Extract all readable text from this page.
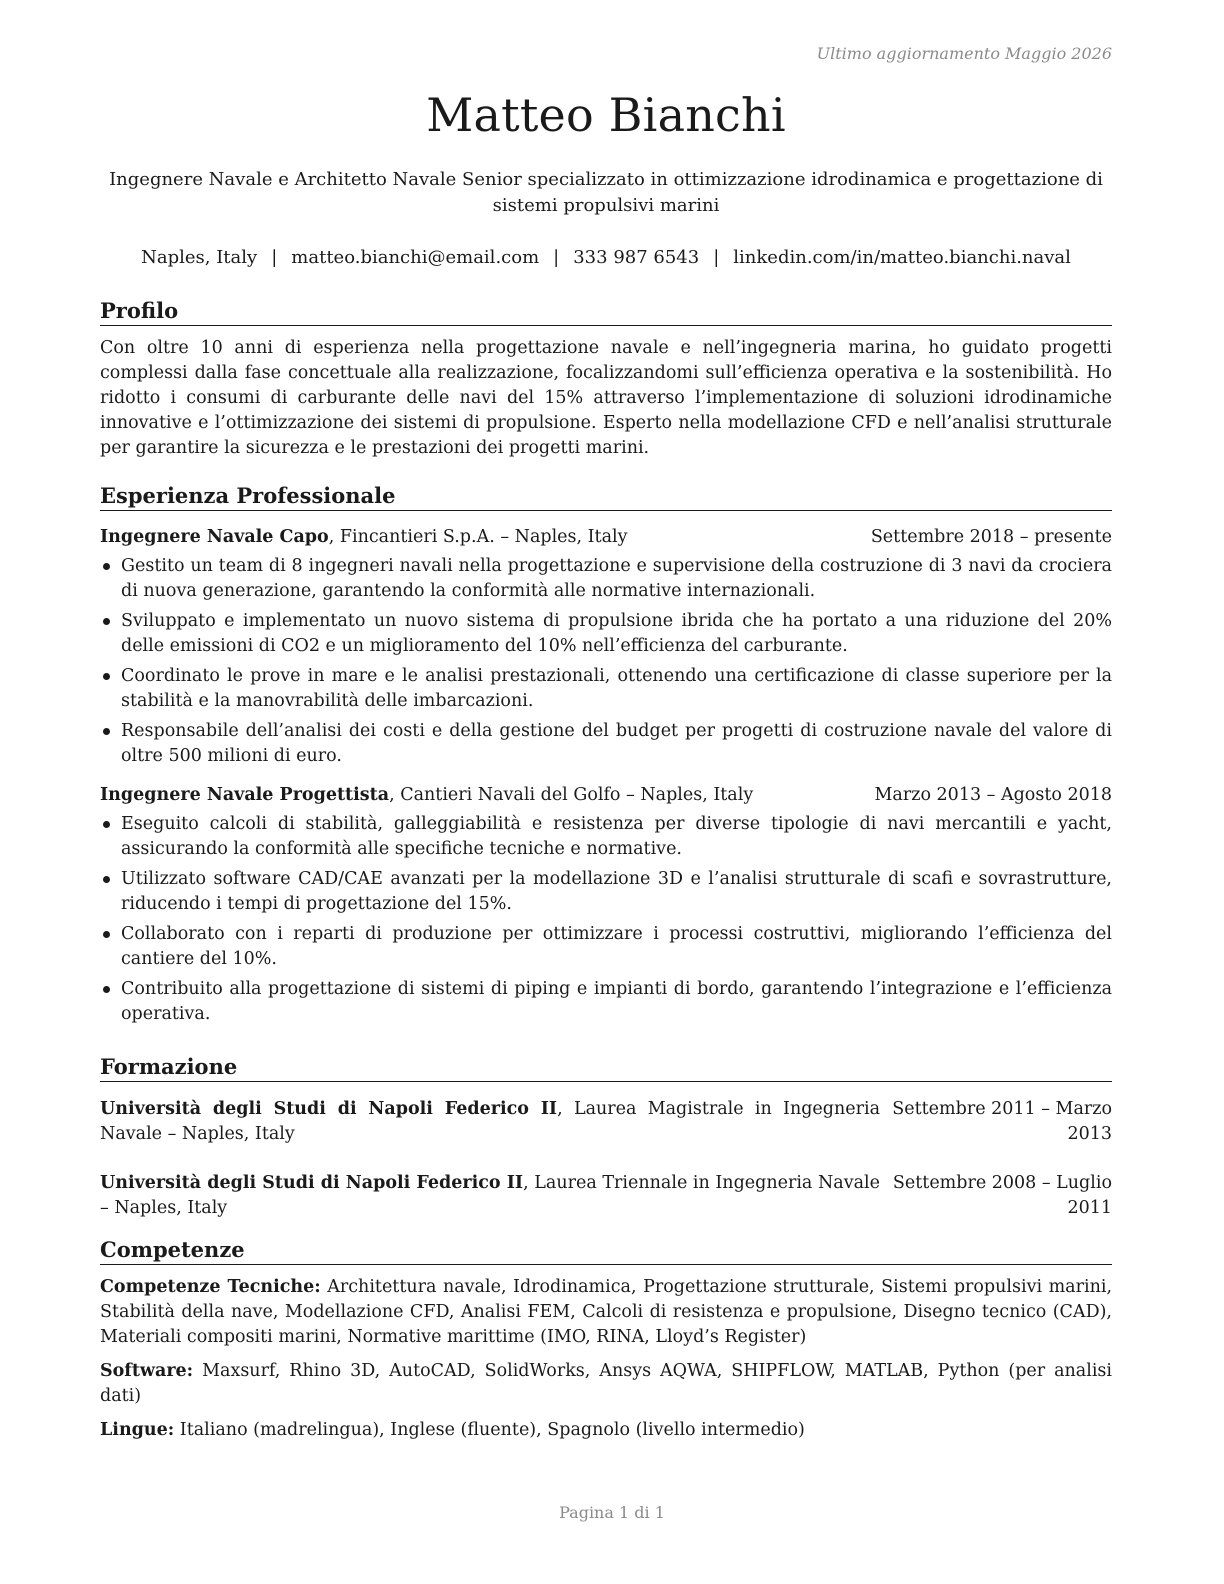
Ultimo aggiornamento Maggio 2026
Matteo Bianchi

Ingegnere Navale e Architetto Navale Senior specializzato in ottimizzazione idrodinamica e progettazione di sistemi propulsivi marini

Naples, Italy | matteo.bianchi@email.com | 333 987 6543 | linkedin.com/in/matteo.bianchi.naval
Profilo

Con oltre 10 anni di esperienza nella progettazione navale e nell’ingegneria marina, ho guidato progetti complessi dalla fase concettuale alla realizzazione, focalizzandomi sull’efficienza operativa e la sostenibilità. Ho ridotto i consumi di carburante delle navi del 15% attraverso l’implementazione di soluzioni idrodinamiche innovative e l’ottimizzazione dei sistemi di propulsione. Esperto nella modellazione CFD e nell’analisi strutturale per garantire la sicurezza e le prestazioni dei progetti marini.

Esperienza Professionale
Ingegnere Navale Capo, Fincantieri S.p.A. – Naples, Italy	Settembre 2018 – presente
Gestito un team di 8 ingegneri navali nella progettazione e supervisione della costruzione di 3 navi da crociera di nuova generazione, garantendo la conformità alle normative internazionali.
Sviluppato e implementato un nuovo sistema di propulsione ibrida che ha portato a una riduzione del 20% delle emissioni di CO2 e un miglioramento del 10% nell’efficienza del carburante.
Coordinato le prove in mare e le analisi prestazionali, ottenendo una certificazione di classe superiore per la stabilità e la manovrabilità delle imbarcazioni.
Responsabile dell’analisi dei costi e della gestione del budget per progetti di costruzione navale del valore di oltre 500 milioni di euro.
Ingegnere Navale Progettista, Cantieri Navali del Golfo – Naples, Italy	Marzo 2013 – Agosto 2018
Eseguito calcoli di stabilità, galleggiabilità e resistenza per diverse tipologie di navi mercantili e yacht, assicurando la conformità alle specifiche tecniche e normative.
Utilizzato software CAD/CAE avanzati per la modellazione 3D e l’analisi strutturale di scafi e sovrastrutture, riducendo i tempi di progettazione del 15%.
Collaborato con i reparti di produzione per ottimizzare i processi costruttivi, migliorando l’efficienza del cantiere del 10%.
Contribuito alla progettazione di sistemi di piping e impianti di bordo, garantendo l’integrazione e l’efficienza operativa.
Formazione
Università degli Studi di Napoli Federico II, Laurea Magistrale in Ingegneria Navale – Naples, Italy
Settembre 2011 – Marzo 2013
Università degli Studi di Napoli Federico II, Laurea Triennale in Ingegneria Navale – Naples, Italy
Settembre 2008 – Luglio 2011
Competenze

Competenze Tecniche: Architettura navale, Idrodinamica, Progettazione strutturale, Sistemi propulsivi marini, Stabilità della nave, Modellazione CFD, Analisi FEM, Calcoli di resistenza e propulsione, Disegno tecnico (CAD), Materiali compositi marini, Normative marittime (IMO, RINA, Lloyd’s Register)

Software: Maxsurf, Rhino 3D, AutoCAD, SolidWorks, Ansys AQWA, SHIPFLOW, MATLAB, Python (per analisi dati)

Lingue: Italiano (madrelingua), Inglese (fluente), Spagnolo (livello intermedio)

Pagina 1 di 1
